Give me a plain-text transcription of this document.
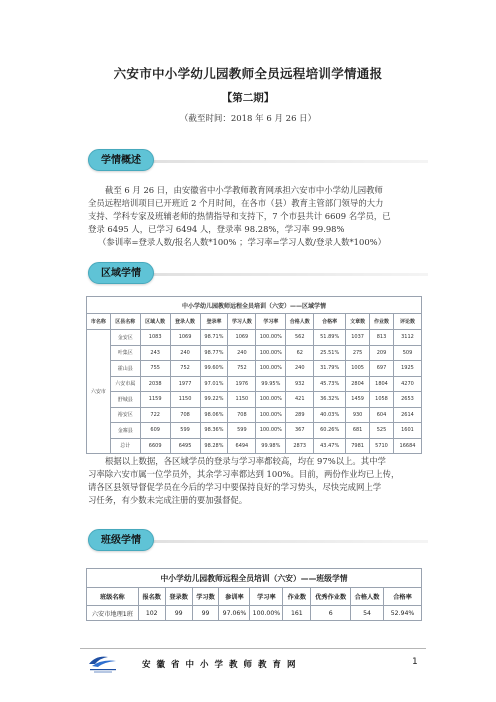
六安市中小学幼儿园教师全员远程培训学情通报
【第二期】
（截至时间：2018 年 6 月 26 日）
学情概述
截至 6 月 26 日，由安徽省中小学教师教育网承担六安市中小学幼儿园教师
全员远程培训项目已开班近 2 个月时间，在各市（县）教育主管部门领导的大力
支持、学科专家及班辅老师的热情指导和支持下，7 个市县共计 6609 名学员，已
登录 6495 人，已学习 6494 人，登录率 98.28%，学习率 99.98%
（参训率=登录人数/报名人数*100% ；学习率=学习人数/登录人数*100%）
区域学情
中小学幼儿园教师远程全员培训（六安）——区域学情											
市名称	区县名称	区域人数	登录人数	登录率	学习人数	学习率	合格人数	合格率	文章数	作业数	评论数
六安市	金安区	1083	1069	98.71%	1069	100.00%	562	51.89%	1037	813	3112
	叶集区	243	240	98.77%	240	100.00%	62	25.51%	275	209	509
	霍山县	755	752	99.60%	752	100.00%	240	31.79%	1005	697	1925
	六安市属	2038	1977	97.01%	1976	99.95%	932	45.73%	2804	1804	4270
	舒城县	1159	1150	99.22%	1150	100.00%	421	36.32%	1459	1058	2653
	裕安区	722	708	98.06%	708	100.00%	289	40.03%	930	604	2614
	金寨县	609	599	98.36%	599	100.00%	367	60.26%	681	525	1601
	总计	6609	6495	98.28%	6494	99.98%	2873	43.47%	7981	5710	16684
根据以上数据，各区域学员的登录与学习率都较高，均在 97%以上。其中学
习率除六安市属一位学员外，其余学习率都达到 100%。目前，两份作业均已上传，
请各区县领导督促学员在今后的学习中要保持良好的学习势头，尽快完成网上学
习任务，有少数未完成注册的要加强督促。
班级学情
中小学幼儿园教师远程全员培训（六安）——班级学情									
班级名称	报名数	登录数	学习数	参训率	学习率	作业数	优秀作业数	合格人数	合格率
六安市地理1班	102	99	99	97.06%	100.00%	161	6	54	52.94%
安徽省中小学教师教育网	1
